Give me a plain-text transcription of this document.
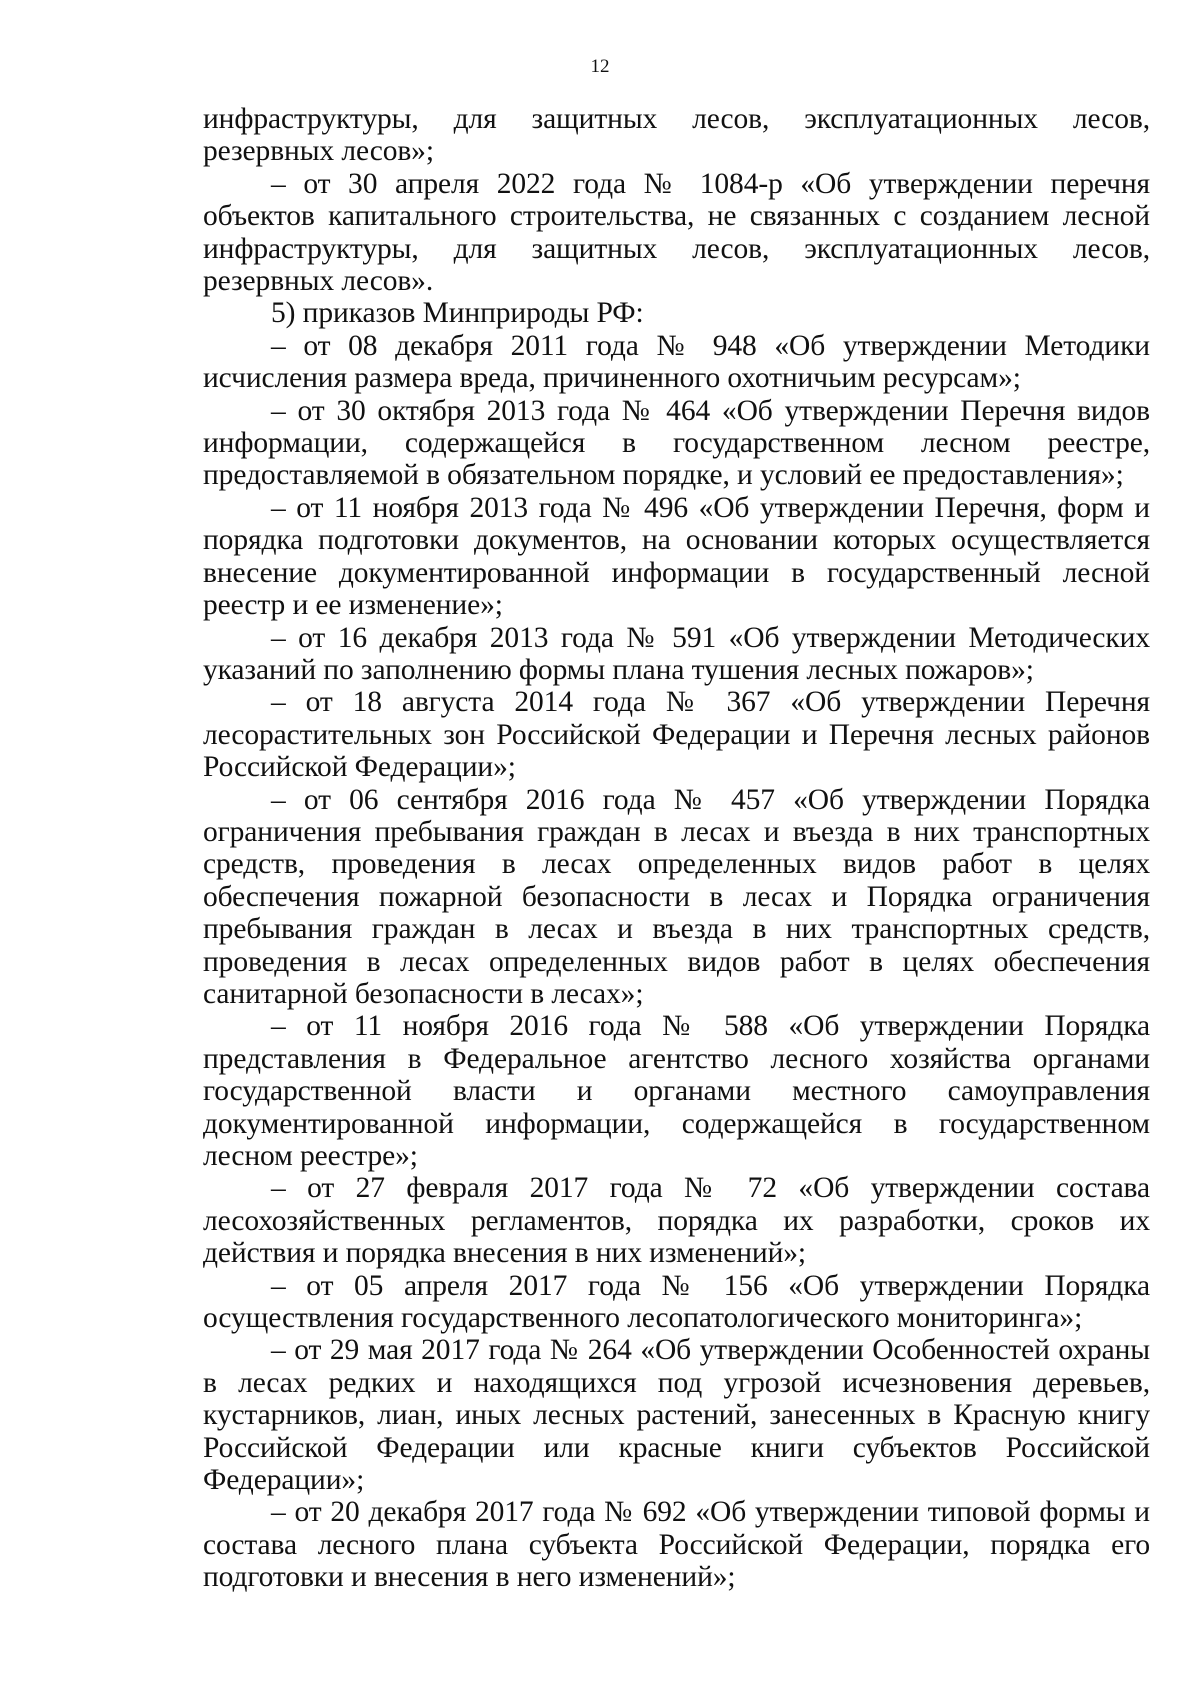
12

инфраструктуры, для защитных лесов, эксплуатационных лесов, резервных лесов»;

– от 30 апреля 2022 года № 1084-р «Об утверждении перечня объектов капитального строительства, не связанных с созданием лесной инфраструктуры, для защитных лесов, эксплуатационных лесов, резервных лесов».

5) приказов Минприроды РФ:

– от 08 декабря 2011 года № 948 «Об утверждении Методики исчисления размера вреда, причиненного охотничьим ресурсам»;

– от 30 октября 2013 года № 464 «Об утверждении Перечня видов информации, содержащейся в государственном лесном реестре, предоставляемой в обязательном порядке, и условий ее предоставления»;

– от 11 ноября 2013 года № 496 «Об утверждении Перечня, форм и порядка подготовки документов, на основании которых осуществляется внесение документированной информации в государственный лесной реестр и ее изменение»;

– от 16 декабря 2013 года № 591 «Об утверждении Методических указаний по заполнению формы плана тушения лесных пожаров»;

– от 18 августа 2014 года № 367 «Об утверждении Перечня лесорастительных зон Российской Федерации и Перечня лесных районов Российской Федерации»;

– от 06 сентября 2016 года № 457 «Об утверждении Порядка ограничения пребывания граждан в лесах и въезда в них транспортных средств, проведения в лесах определенных видов работ в целях обеспечения пожарной безопасности в лесах и Порядка ограничения пребывания граждан в лесах и въезда в них транспортных средств, проведения в лесах определенных видов работ в целях обеспечения санитарной безопасности в лесах»;

– от 11 ноября 2016 года № 588 «Об утверждении Порядка представления в Федеральное агентство лесного хозяйства органами государственной власти и органами местного самоуправления документированной информации, содержащейся в государственном лесном реестре»;

– от 27 февраля 2017 года № 72 «Об утверждении состава лесохозяйственных регламентов, порядка их разработки, сроков их действия и порядка внесения в них изменений»;

– от 05 апреля 2017 года № 156 «Об утверждении Порядка осуществления государственного лесопатологического мониторинга»;

– от 29 мая 2017 года № 264 «Об утверждении Особенностей охраны в лесах редких и находящихся под угрозой исчезновения деревьев, кустарников, лиан, иных лесных растений, занесенных в Красную книгу Российской Федерации или красные книги субъектов Российской Федерации»;

– от 20 декабря 2017 года № 692 «Об утверждении типовой формы и состава лесного плана субъекта Российской Федерации, порядка его подготовки и внесения в него изменений»;
